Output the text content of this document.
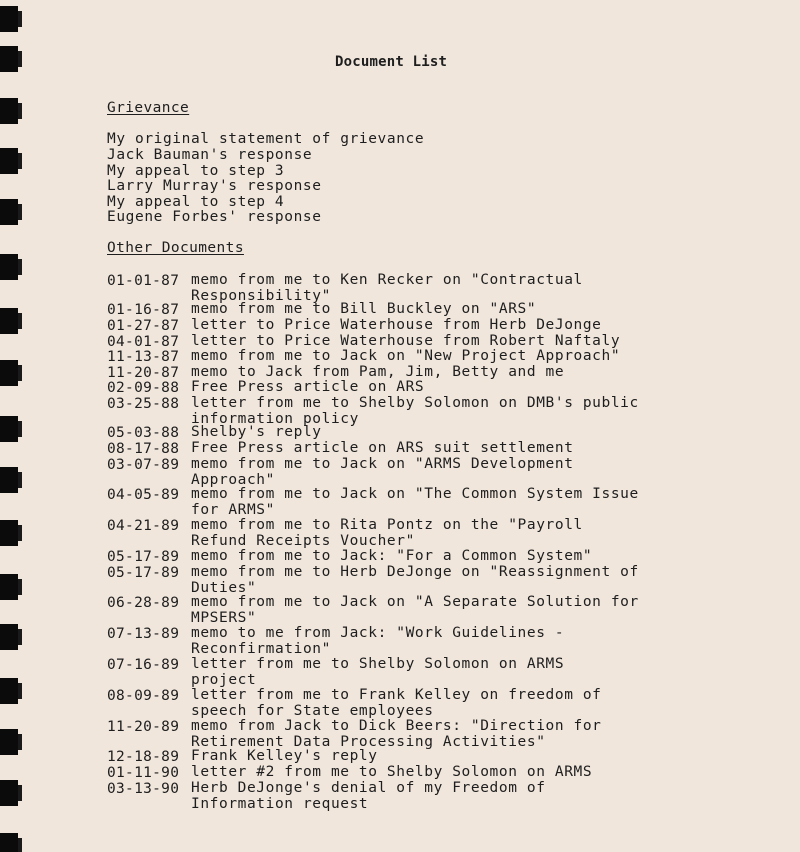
Document List
Grievance
My original statement of grievance
Jack Bauman's response
My appeal to step 3
Larry Murray's response
My appeal to step 4
Eugene Forbes' response
Other Documents
01-01-87 memo from me to Ken Recker on "Contractual
Responsibility"
01-16-87 memo from me to Bill Buckley on "ARS"
01-27-87 letter to Price Waterhouse from Herb DeJonge
04-01-87 letter to Price Waterhouse from Robert Naftaly
11-13-87 memo from me to Jack on "New Project Approach"
11-20-87 memo to Jack from Pam, Jim, Betty and me
02-09-88 Free Press article on ARS
03-25-88 letter from me to Shelby Solomon on DMB's public
information policy
05-03-88 Shelby's reply
08-17-88 Free Press article on ARS suit settlement
03-07-89 memo from me to Jack on "ARMS Development
Approach"
04-05-89 memo from me to Jack on "The Common System Issue
for ARMS"
04-21-89 memo from me to Rita Pontz on the "Payroll
Refund Receipts Voucher"
05-17-89 memo from me to Jack: "For a Common System"
05-17-89 memo from me to Herb DeJonge on "Reassignment of
Duties"
06-28-89 memo from me to Jack on "A Separate Solution for
MPSERS"
07-13-89 memo to me from Jack: "Work Guidelines -
Reconfirmation"
07-16-89 letter from me to Shelby Solomon on ARMS
project
08-09-89 letter from me to Frank Kelley on freedom of
speech for State employees
11-20-89 memo from Jack to Dick Beers: "Direction for
Retirement Data Processing Activities"
12-18-89 Frank Kelley's reply
01-11-90 letter #2 from me to Shelby Solomon on ARMS
03-13-90 Herb DeJonge's denial of my Freedom of
Information request
